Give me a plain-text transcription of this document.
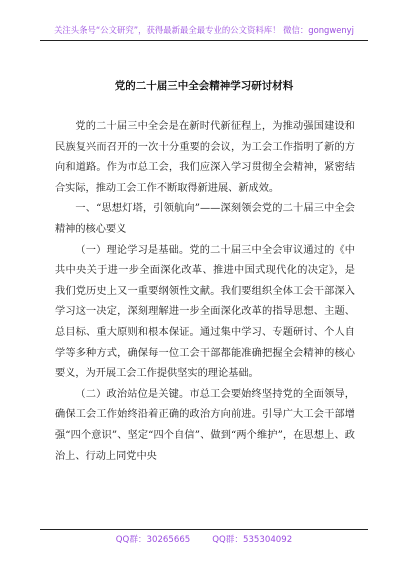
关注头条号“公文研究”，获得最新最全最专业的公文资料库！ 微信：gongwenyj
党的二十届三中全会精神学习研讨材料

党的二十届三中全会是在新时代新征程上，为推动强国建设和民族复兴而召开的一次十分重要的会议，为工会工作指明了新的方向和道路。作为市总工会，我们应深入学习贯彻全会精神，紧密结合实际，推动工会工作不断取得新进展、新成效。

一、“思想灯塔，引领航向”——深刻领会党的二十届三中全会精神的核心要义

（一）理论学习是基础。党的二十届三中全会审议通过的《中共中央关于进一步全面深化改革、推进中国式现代化的决定》，是我们党历史上又一重要纲领性文献。我们要组织全体工会干部深入学习这一决定，深刻理解进一步全面深化改革的指导思想、主题、总目标、重大原则和根本保证。通过集中学习、专题研讨、个人自学等多种方式，确保每一位工会干部都能准确把握全会精神的核心要义，为开展工会工作提供坚实的理论基础。

（二）政治站位是关键。市总工会要始终坚持党的全面领导，确保工会工作始终沿着正确的政治方向前进。引导广大工会干部增强“四个意识”、坚定“四个自信”、做到“两个维护”，在思想上、政治上、行动上同党中央

QQ群：30265665	QQ群：535304092
